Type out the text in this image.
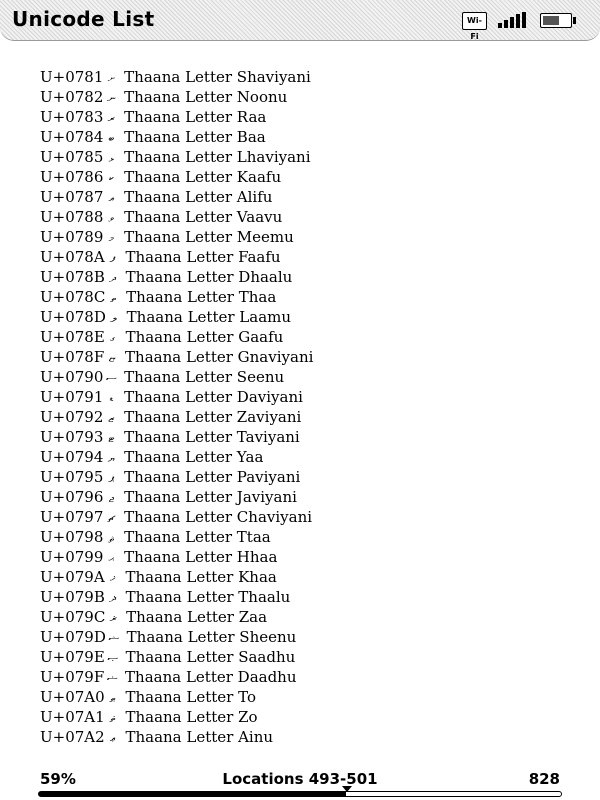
Unicode List	Wi-Fi
U+0781 ށ Thaana Letter Shaviyani
U+0782 ނ Thaana Letter Noonu
U+0783 ރ Thaana Letter Raa
U+0784 ބ Thaana Letter Baa
U+0785 ޅ Thaana Letter Lhaviyani
U+0786 ކ Thaana Letter Kaafu
U+0787 އ Thaana Letter Alifu
U+0788 ވ Thaana Letter Vaavu
U+0789 މ Thaana Letter Meemu
U+078A ފ Thaana Letter Faafu
U+078B ދ Thaana Letter Dhaalu
U+078C ތ Thaana Letter Thaa
U+078D ލ Thaana Letter Laamu
U+078E ގ Thaana Letter Gaafu
U+078F ޏ Thaana Letter Gnaviyani
U+0790 ސ Thaana Letter Seenu
U+0791 ޑ Thaana Letter Daviyani
U+0792 ޒ Thaana Letter Zaviyani
U+0793 ޓ Thaana Letter Taviyani
U+0794 ޔ Thaana Letter Yaa
U+0795 ޕ Thaana Letter Paviyani
U+0796 ޖ Thaana Letter Javiyani
U+0797 ޗ Thaana Letter Chaviyani
U+0798 ޘ Thaana Letter Ttaa
U+0799 ޙ Thaana Letter Hhaa
U+079A ޚ Thaana Letter Khaa
U+079B ޛ Thaana Letter Thaalu
U+079C ޜ Thaana Letter Zaa
U+079D ޝ Thaana Letter Sheenu
U+079E ޞ Thaana Letter Saadhu
U+079F ޟ Thaana Letter Daadhu
U+07A0 ޠ Thaana Letter To
U+07A1 ޡ Thaana Letter Zo
U+07A2 ޢ Thaana Letter Ainu
59%	Locations 493-501	828
